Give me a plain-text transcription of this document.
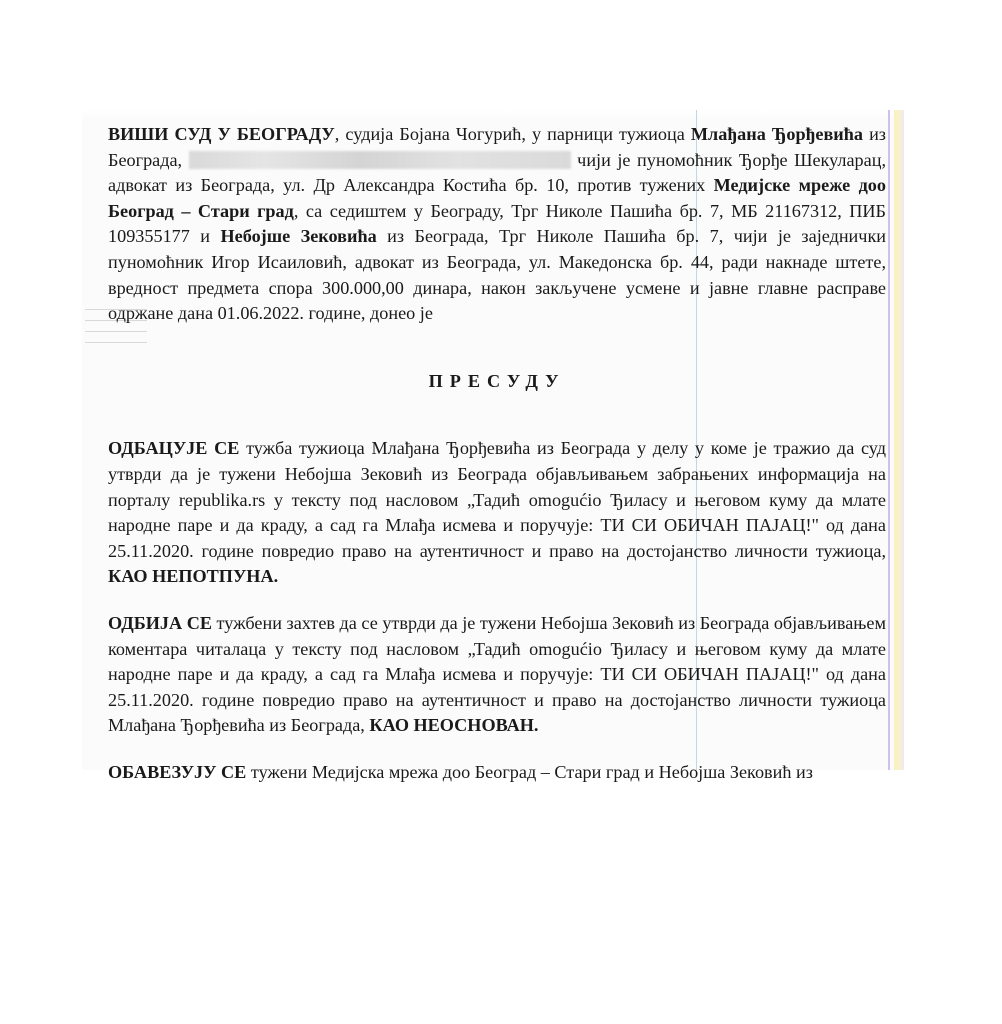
ВИШИ СУД У БЕОГРАДУ, судија Бојана Чогурић, у парници тужиоца Млађана Ђорђевића из Београда,	чији је пуномоћник Ђорђе Шекуларац, адвокат из Београда, ул. Др Александра Костића бр. 10, против тужених Медијске мреже доо Београд – Стари град, са седиштем у Београду, Трг Николе Пашића бр. 7, МБ 21167312, ПИБ 109355177 и Небојше Зековића из Београда, Трг Николе Пашића бр. 7, чији је заједнички пуномоћник Игор Исаиловић, адвокат из Београда, ул. Македонска бр. 44, ради накнаде штете, вредност предмета спора 300.000,00 динара, након закључене усмене и јавне главне расправе одржане дана 01.06.2022. године, донео је

ПРЕСУДУ

ОДБАЦУЈЕ СЕ тужба тужиоца Млађана Ђорђевића из Београда у делу у коме је тражио да суд утврди да је тужени Небојша Зековић из Београда објављивањем забрањених информација на порталу republika.rs у тексту под насловом „Тадић omogućio Ђиласу и његовом куму да млате народне паре и да краду, а сад га Млађа исмева и поручује: ТИ СИ ОБИЧАН ПАЈАЦ!" од дана 25.11.2020. године повредио право на аутентичност и право на достојанство личности тужиоца, КАО НЕПОТПУНА.

ОДБИЈА СЕ тужбени захтев да се утврди да је тужени Небојша Зековић из Београда објављивањем коментара читалаца у тексту под насловом „Тадић omogućio Ђиласу и његовом куму да млате народне паре и да краду, а сад га Млађа исмева и поручује: ТИ СИ ОБИЧАН ПАЈАЦ!" од дана 25.11.2020. године повредио право на аутентичност и право на достојанство личности тужиоца Млађана Ђорђевића из Београда, КАО НЕОСНОВАН.

ОБАВЕЗУЈУ СЕ тужени Медијска мрежа доо Београд – Стари град и Небојша Зековић из
